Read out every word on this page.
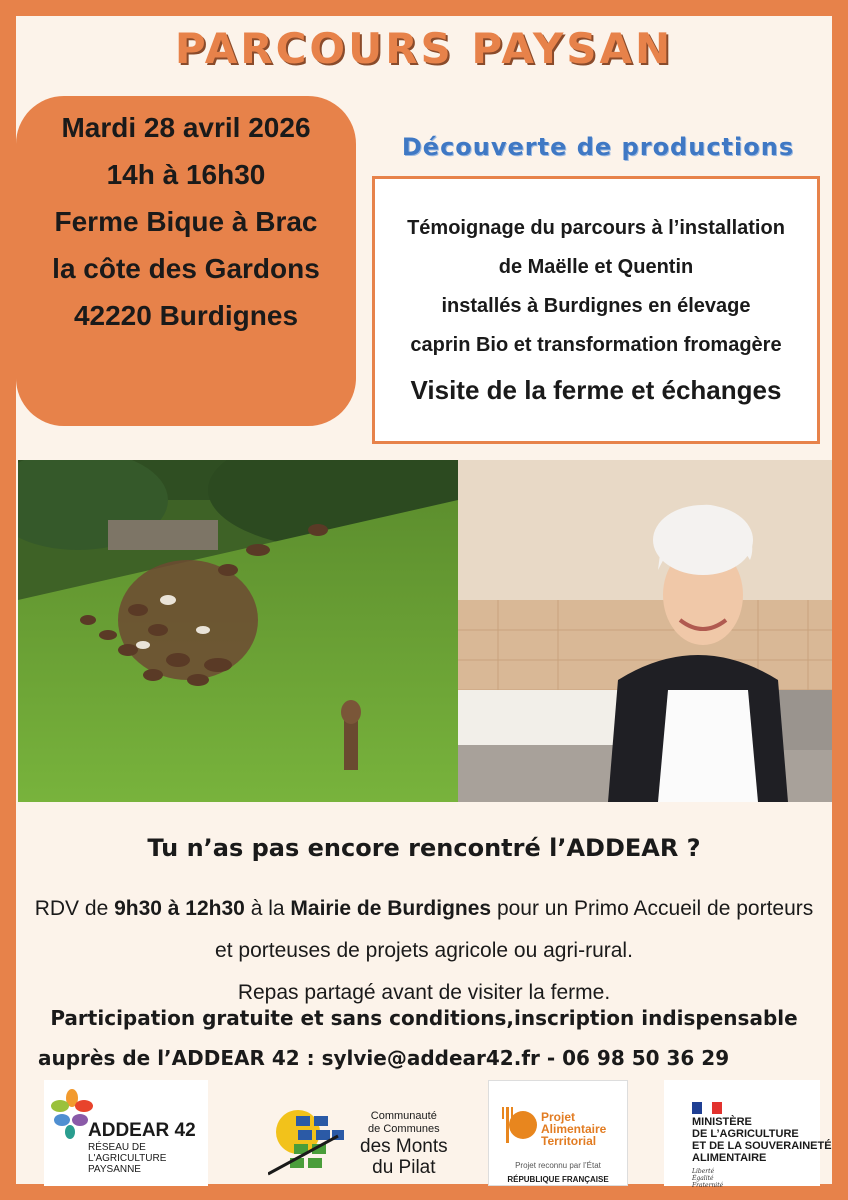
PARCOURS PAYSAN
Mardi 28 avril 2026
14h à 16h30
Ferme Bique à Brac
la côte des Gardons
42220 Burdignes
Découverte de productions
Témoignage du parcours à l’installation
de Maëlle et Quentin
installés à Burdignes en élevage
caprin Bio et transformation fromagère
Visite de la ferme et échanges
Tu n’as pas encore rencontré l’ADDEAR ?
RDV de 9h30 à 12h30 à la Mairie de Burdignes pour un Primo Accueil de porteurs et porteuses de projets agricole ou agri-rural.
Repas partagé avant de visiter la ferme.
Participation gratuite et sans conditions,inscription indispensable
auprès de l’ADDEAR 42 : sylvie@addear42.fr - 06 98 50 36 29
ADDEAR 42
RÉSEAU DE
L'AGRICULTURE
PAYSANNE
Communauté
de Communes
des Monts
du Pilat
Projet
Alimentaire
Territorial
Projet reconnu par l’État
RÉPUBLIQUE FRANÇAISE
MINISTÈRE
DE L’AGRICULTURE
ET DE LA SOUVERAINETÉ
ALIMENTAIRE
Liberté
Égalité
Fraternité
